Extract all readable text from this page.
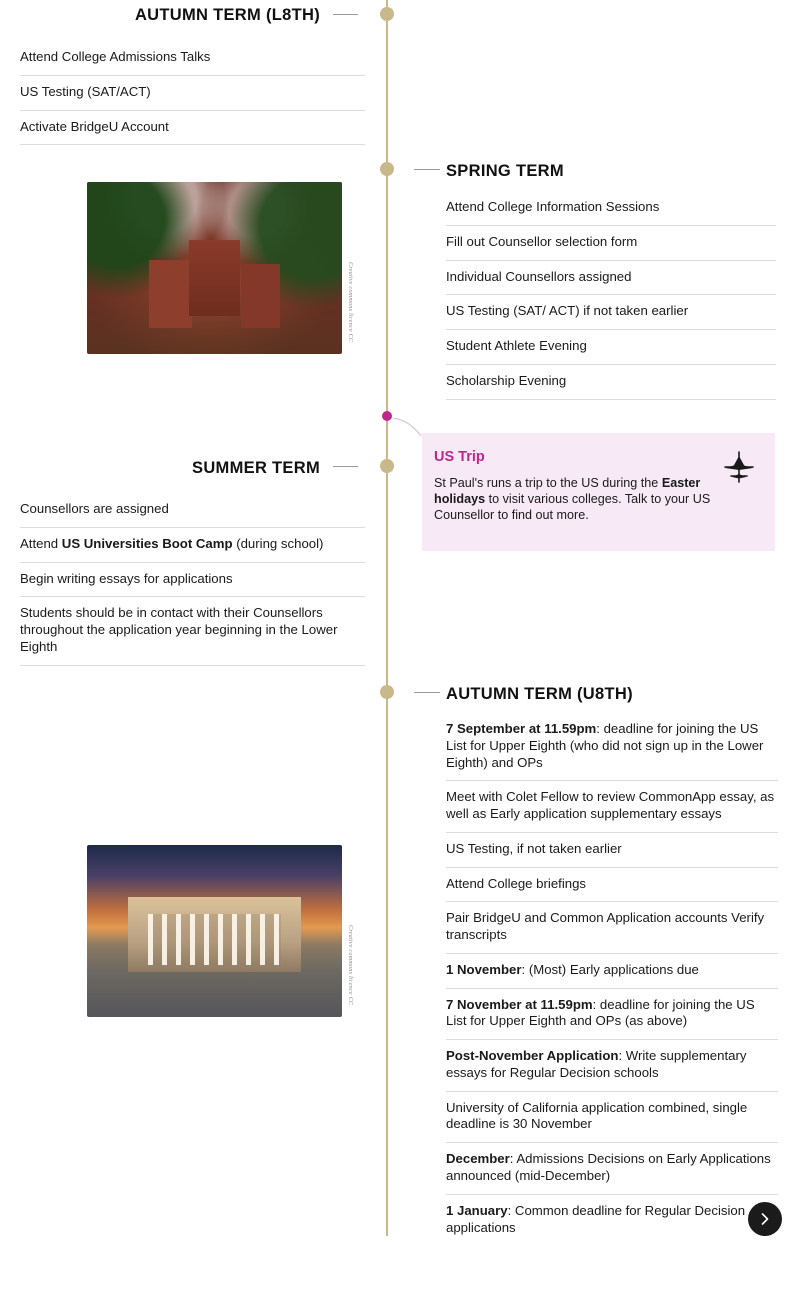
AUTUMN TERM (L8TH)
Attend College Admissions Talks
US Testing (SAT/ACT)
Activate BridgeU Account
Creative commons licence CC
SPRING TERM
Attend College Information Sessions
Fill out Counsellor selection form
Individual Counsellors assigned
US Testing (SAT/ ACT) if not taken earlier
Student Athlete Evening
Scholarship Evening
US Trip
St Paul's runs a trip to the US during the Easter holidays to visit various colleges. Talk to your US Counsellor to find out more.
SUMMER TERM
Counsellors are assigned
Attend US Universities Boot Camp (during school)
Begin writing essays for applications
Students should be in contact with their Counsellors throughout the application year beginning in the Lower Eighth
Creative commons licence CC
AUTUMN TERM (U8TH)
7 September at 11.59pm: deadline for joining the US List for Upper Eighth (who did not sign up in the Lower Eighth) and OPs
Meet with Colet Fellow to review CommonApp essay, as well as Early application supplementary essays
US Testing, if not taken earlier
Attend College briefings
Pair BridgeU and Common Application accounts Verify transcripts
1 November: (Most) Early applications due
7 November at 11.59pm: deadline for joining the US List for Upper Eighth and OPs (as above)
Post-November Application: Write supplementary essays for Regular Decision schools
University of California application combined, single deadline is 30 November
December: Admissions Decisions on Early Applications announced (mid-December)
1 January: Common deadline for Regular Decision applications
